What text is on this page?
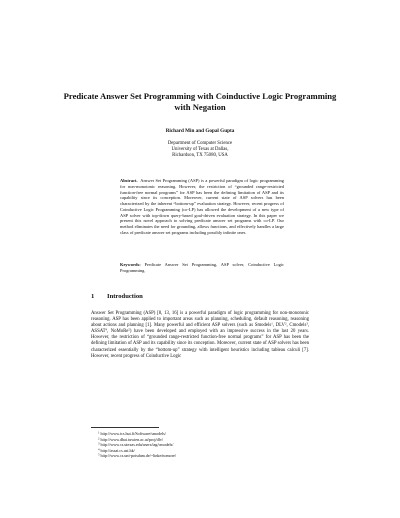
Predicate Answer Set Programming with Coinductive Logic Programming with Negation
Richard Min and Gopal Gupta
Department of Computer Science
University of Texas at Dallas,
Richardson, TX 75080, USA
Abstract. Answer Set Programming (ASP) is a powerful paradigm of logic programming for non-monotonic reasoning. However, the restriction of “grounded range-restricted function-free normal programs” for ASP has been the defining limitation of ASP and its capability since its conception. Moreover, current state of ASP solvers has been characterized by the inherent “bottom-up” evaluation strategy. However, recent progress of Coinductive Logic Programming (co-LP) has allowed the development of a new type of ASP solver with top-down query-based goal-driven evaluation strategy. In this paper we present this novel approach to solving predicate answer set programs with co-LP. Our method eliminates the need for grounding, allows functions, and effectively handles a large class of predicate answer set programs including possibly infinite ones.
Keywords: Predicate Answer Set Programming, ASP solver, Coinductive Logic Programming.
1 Introduction
Answer Set Programming (ASP) [8, 13, 16] is a powerful paradigm of logic programming for non-monotonic reasoning. ASP has been applied to important areas such as planning, scheduling, default reasoning, reasoning about actions and planning [1]. Many powerful and efficient ASP solvers (such as Smodels$^1$, DLV$^2$, Cmodels$^3$, ASSAT$^4$, NoMoRe$^5$) have been developed and employed with an impressive success in the last 20 years. However, the restriction of “grounded range-restricted function-free normal programs” for ASP has been the defining limitation of ASP and its capability since its conception. Moreover, current state of ASP solvers has been characterized essentially by the “bottom-up” strategy with intelligent heuristics including tableau calculi [7]. However, recent progress of Coinductive Logic
$^1$ http://www.tcs.hut.fi/Software/smodels/
$^2$ http://www.dbai.tuwien.ac.at/proj/dlv/
$^3$ http://www.cs.utexas.edu/users/tag/cmodels/
$^4$ http://assat.cs.ust.hk/
$^5$ http://www.cs.uni-potsdam.de/~linke/nomore/
